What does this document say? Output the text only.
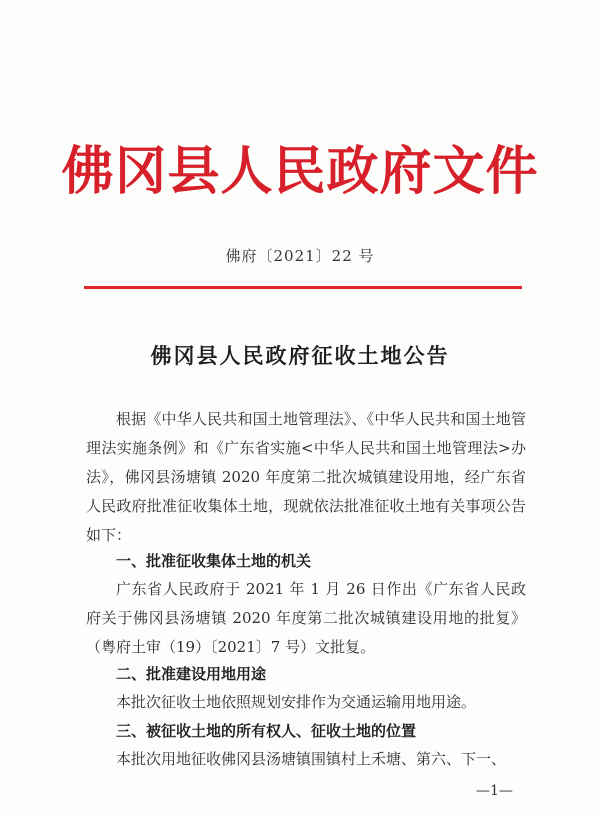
佛冈县人民政府文件
佛府〔2021〕22 号
佛冈县人民政府征收土地公告
根据《中华人民共和国土地管理法》、《中华人民共和国土地管理法实施条例》和《广东省实施<中华人民共和国土地管理法>办法》，佛冈县汤塘镇 2020 年度第二批次城镇建设用地，经广东省人民政府批准征收集体土地，现就依法批准征收土地有关事项公告如下：
一、批准征收集体土地的机关
广东省人民政府于 2021 年 1 月 26 日作出《广东省人民政府关于佛冈县汤塘镇 2020 年度第二批次城镇建设用地的批复》（粤府土审（19）〔2021〕7 号）文批复。
二、批准建设用地用途
本批次征收土地依照规划安排作为交通运输用地用途。
三、被征收土地的所有权人、征收土地的位置
本批次用地征收佛冈县汤塘镇围镇村上禾塘、第六、下一、
—1—
